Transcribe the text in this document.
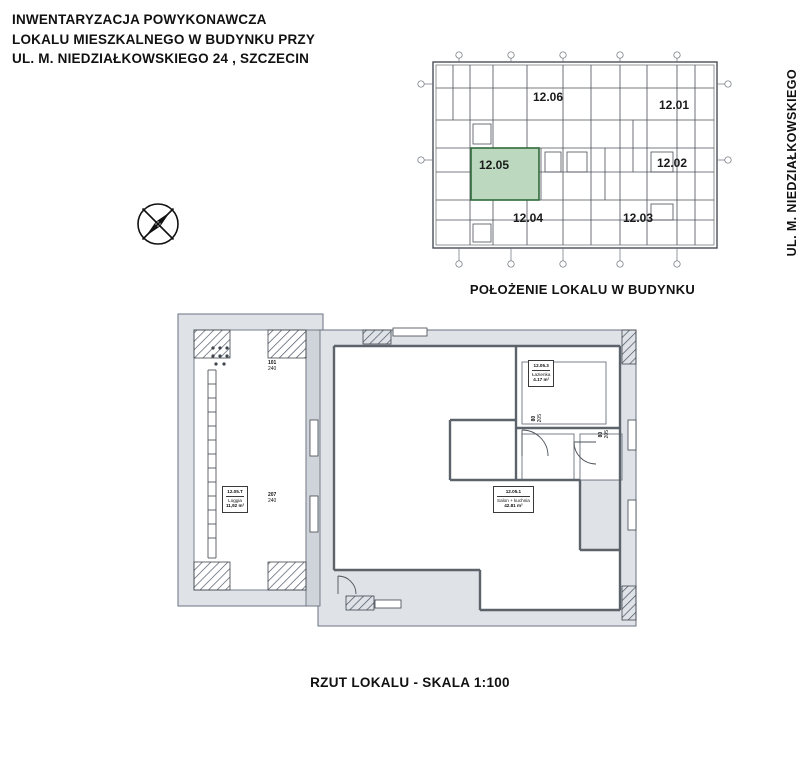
INWENTARYZACJA POWYKONAWCZA
LOKALU MIESZKALNEGO W BUDYNKU PRZY
UL. M. NIEDZIAŁKOWSKIEGO 24 , SZCZECIN
UL. M. NIEDZIAŁKOWSKIEGO
12.06
12.01
12.05	12.02
12.04	12.03
POŁOŻENIE LOKALU W BUDYNKU
12.05.T
Loggia
11,92 m²
12.05.3
Łazienka
4.17 m²
12.05.1
Salon + kuchnia
42.81 m²
101
240
207
240
80 205
80 205
RZUT LOKALU - SKALA 1:100
